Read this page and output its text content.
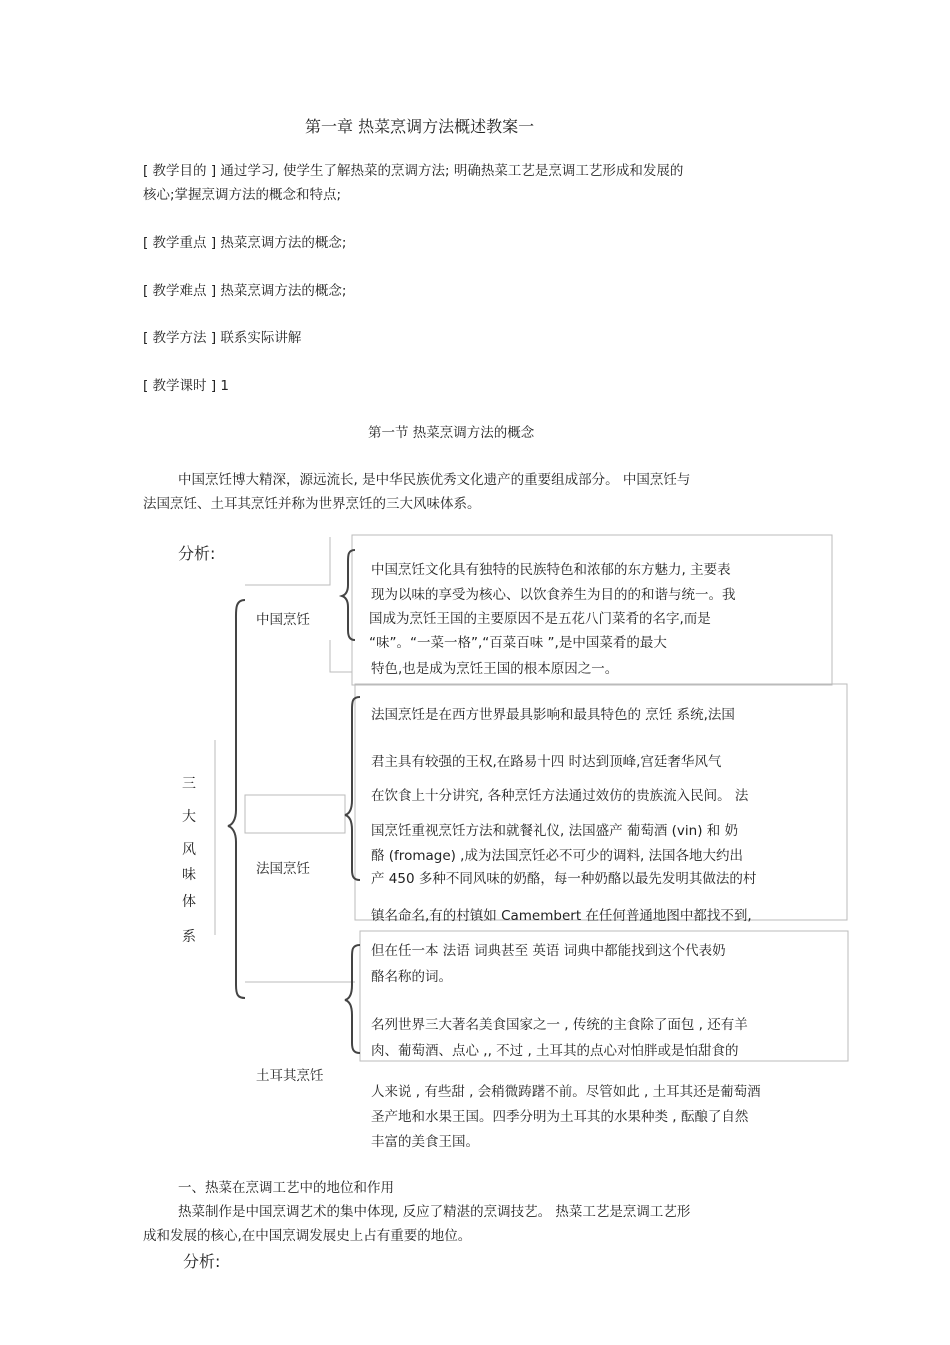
第一章 热菜烹调方法概述教案一
[ 教学目的 ] 通过学习, 使学生了解热菜的烹调方法; 明确热菜工艺是烹调工艺形成和发展的
核心;掌握烹调方法的概念和特点;
[ 教学重点 ] 热菜烹调方法的概念;
[ 教学难点 ] 热菜烹调方法的概念;
[ 教学方法 ] 联系实际讲解
[ 教学课时 ] 1
第一节 热菜烹调方法的概念
中国烹饪博大精深，源远流长, 是中华民族优秀文化遗产的重要组成部分。 中国烹饪与
法国烹饪、土耳其烹饪并称为世界烹饪的三大风味体系。
分析:
三
大
风
味
体
系
中国烹饪
法国烹饪
土耳其烹饪
中国烹饪文化具有独特的民族特色和浓郁的东方魅力, 主要表
现为以味的享受为核心、以饮食养生为目的的和谐与统一。我
国成为烹饪王国的主要原因不是五花八门菜肴的名字,而是
“味”。“一菜一格”,“百菜百味 ”,是中国菜肴的最大
特色,也是成为烹饪王国的根本原因之一。
法国烹饪是在西方世界最具影响和最具特色的 烹饪 系统,法国
君主具有较强的王权,在路易十四 时达到顶峰,宫廷奢华风气
在饮食上十分讲究, 各种烹饪方法通过效仿的贵族流入民间。 法
国烹饪重视烹饪方法和就餐礼仪, 法国盛产 葡萄酒 (vin) 和 奶
酪 (fromage) ,成为法国烹饪必不可少的调料, 法国各地大约出
产 450 多种不同风味的奶酪，每一种奶酪以最先发明其做法的村
镇名命名,有的村镇如 Camembert 在任何普通地图中都找不到,
但在任一本 法语 词典甚至 英语 词典中都能找到这个代表奶
酪名称的词。
名列世界三大著名美食国家之一 , 传统的主食除了面包 , 还有羊
肉、葡萄酒、点心 ,, 不过 , 土耳其的点心对怕胖或是怕甜食的
人来说 , 有些甜 , 会稍微踌躇不前。尽管如此 , 土耳其还是葡萄酒
圣产地和水果王国。四季分明为土耳其的水果种类 , 酝酿了自然
丰富的美食王国。
一、热菜在烹调工艺中的地位和作用
热菜制作是中国烹调艺术的集中体现, 反应了精湛的烹调技艺。 热菜工艺是烹调工艺形
成和发展的核心,在中国烹调发展史上占有重要的地位。
分析:
